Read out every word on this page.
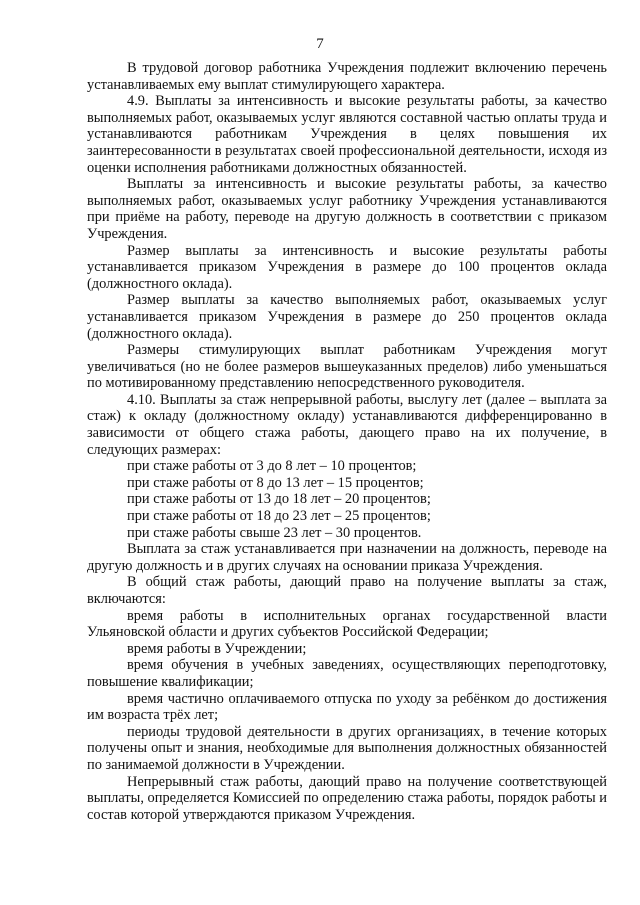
7

В трудовой договор работника Учреждения подлежит включению перечень устанавливаемых ему выплат стимулирующего характера.

4.9. Выплаты за интенсивность и высокие результаты работы, за качество выполняемых работ, оказываемых услуг являются составной частью оплаты труда и устанавливаются работникам Учреждения в целях повышения их заинтересованности в результатах своей профессиональной деятельности, исходя из оценки исполнения работниками должностных обязанностей.

Выплаты за интенсивность и высокие результаты работы, за качество выполняемых работ, оказываемых услуг работнику Учреждения устанавливаются при приёме на работу, переводе на другую должность в соответствии с приказом Учреждения.

Размер выплаты за интенсивность и высокие результаты работы устанавливается приказом Учреждения в размере до 100 процентов оклада (должностного оклада).

Размер выплаты за качество выполняемых работ, оказываемых услуг устанавливается приказом Учреждения в размере до 250 процентов оклада (должностного оклада).

Размеры стимулирующих выплат работникам Учреждения могут увеличиваться (но не более размеров вышеуказанных пределов) либо уменьшаться по мотивированному представлению непосредственного руководителя.

4.10. Выплаты за стаж непрерывной работы, выслугу лет (далее – выплата за стаж) к окладу (должностному окладу) устанавливаются дифференцированно в зависимости от общего стажа работы, дающего право на их получение, в следующих размерах:

при стаже работы от 3 до 8 лет – 10 процентов;

при стаже работы от 8 до 13 лет – 15 процентов;

при стаже работы от 13 до 18 лет – 20 процентов;

при стаже работы от 18 до 23 лет – 25 процентов;

при стаже работы свыше 23 лет – 30 процентов.

Выплата за стаж устанавливается при назначении на должность, переводе на другую должность и в других случаях на основании приказа Учреждения.

В общий стаж работы, дающий право на получение выплаты за стаж, включаются:

время работы в исполнительных органах государственной власти Ульяновской области и других субъектов Российской Федерации;

время работы в Учреждении;

время обучения в учебных заведениях, осуществляющих переподготовку, повышение квалификации;

время частично оплачиваемого отпуска по уходу за ребёнком до достижения им возраста трёх лет;

периоды трудовой деятельности в других организациях, в течение которых получены опыт и знания, необходимые для выполнения должностных обязанностей по занимаемой должности в Учреждении.

Непрерывный стаж работы, дающий право на получение соответствующей выплаты, определяется Комиссией по определению стажа работы, порядок работы и состав которой утверждаются приказом Учреждения.
